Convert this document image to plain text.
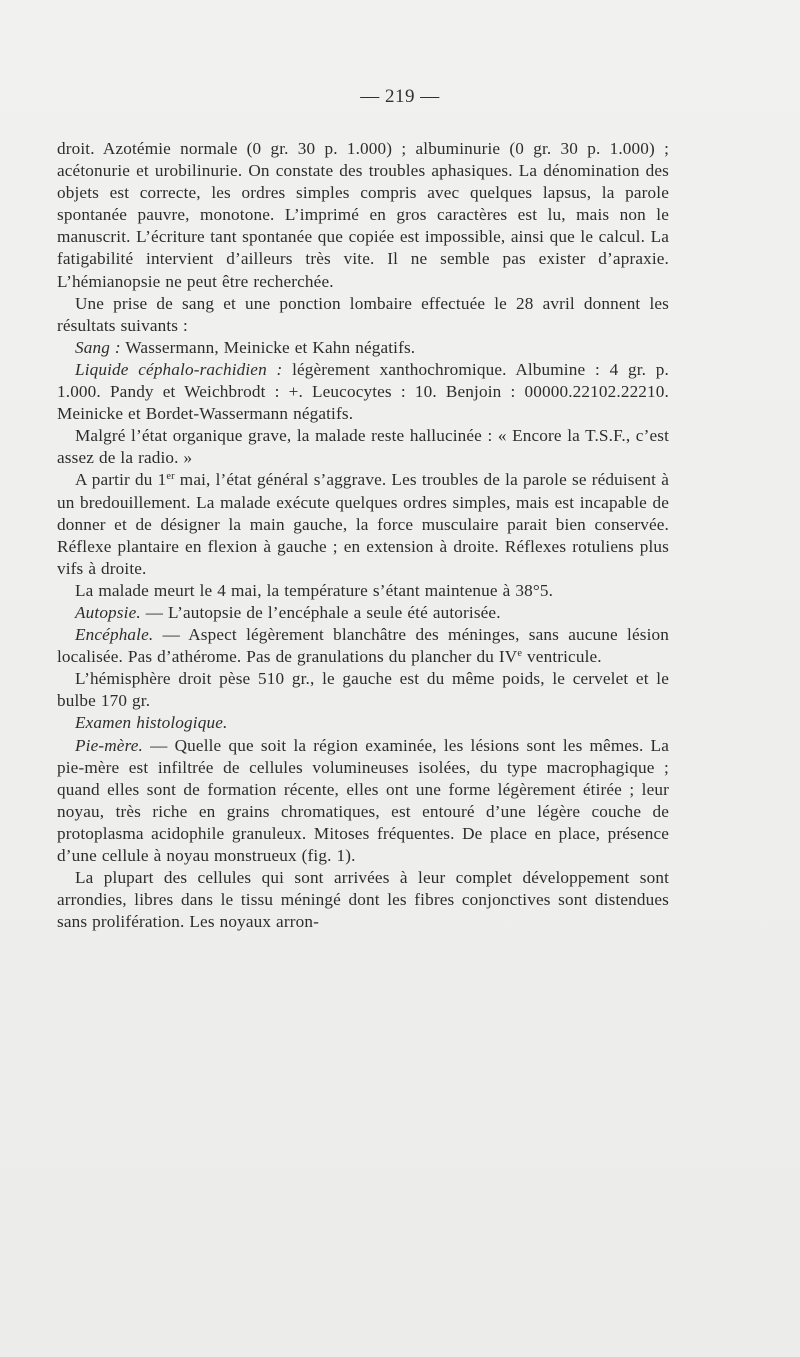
— 219 —

droit. Azotémie normale (0 gr. 30 p. 1.000) ; albuminurie (0 gr. 30 p. 1.000) ; acétonurie et urobilinurie. On constate des troubles aphasiques. La dénomination des objets est correcte, les ordres simples compris avec quelques lapsus, la parole spontanée pauvre, monotone. L’imprimé en gros caractères est lu, mais non le manuscrit. L’écriture tant spontanée que copiée est impossible, ainsi que le calcul. La fatigabilité intervient d’ailleurs très vite. Il ne semble pas exister d’apraxie. L’hémianopsie ne peut être recherchée.

Une prise de sang et une ponction lombaire effectuée le 28 avril donnent les résultats suivants :

Sang : Wassermann, Meinicke et Kahn négatifs.

Liquide céphalo-rachidien : légèrement xanthochromique. Albumine : 4 gr. p. 1.000. Pandy et Weichbrodt : +. Leucocytes : 10. Benjoin : 00000.22102.22210. Meinicke et Bordet-Wassermann négatifs.

Malgré l’état organique grave, la malade reste hallucinée : « Encore la T.S.F., c’est assez de la radio. »

A partir du 1er mai, l’état général s’aggrave. Les troubles de la parole se réduisent à un bredouillement. La malade exécute quelques ordres simples, mais est incapable de donner et de désigner la main gauche, la force musculaire parait bien conservée. Réflexe plantaire en flexion à gauche ; en extension à droite. Réflexes rotuliens plus vifs à droite.

La malade meurt le 4 mai, la température s’étant maintenue à 38°5.

Autopsie. — L’autopsie de l’encéphale a seule été autorisée.

Encéphale. — Aspect légèrement blanchâtre des méninges, sans aucune lésion localisée. Pas d’athérome. Pas de granulations du plancher du IVe ventricule.

L’hémisphère droit pèse 510 gr., le gauche est du même poids, le cervelet et le bulbe 170 gr.

Examen histologique.

Pie-mère. — Quelle que soit la région examinée, les lésions sont les mêmes. La pie-mère est infiltrée de cellules volumineuses isolées, du type macrophagique ; quand elles sont de formation récente, elles ont une forme légèrement étirée ; leur noyau, très riche en grains chromatiques, est entouré d’une légère couche de protoplasma acidophile granuleux. Mitoses fréquentes. De place en place, présence d’une cellule à noyau monstrueux (fig. 1).

La plupart des cellules qui sont arrivées à leur complet développement sont arrondies, libres dans le tissu méningé dont les fibres conjonctives sont distendues sans prolifération. Les noyaux arron-
